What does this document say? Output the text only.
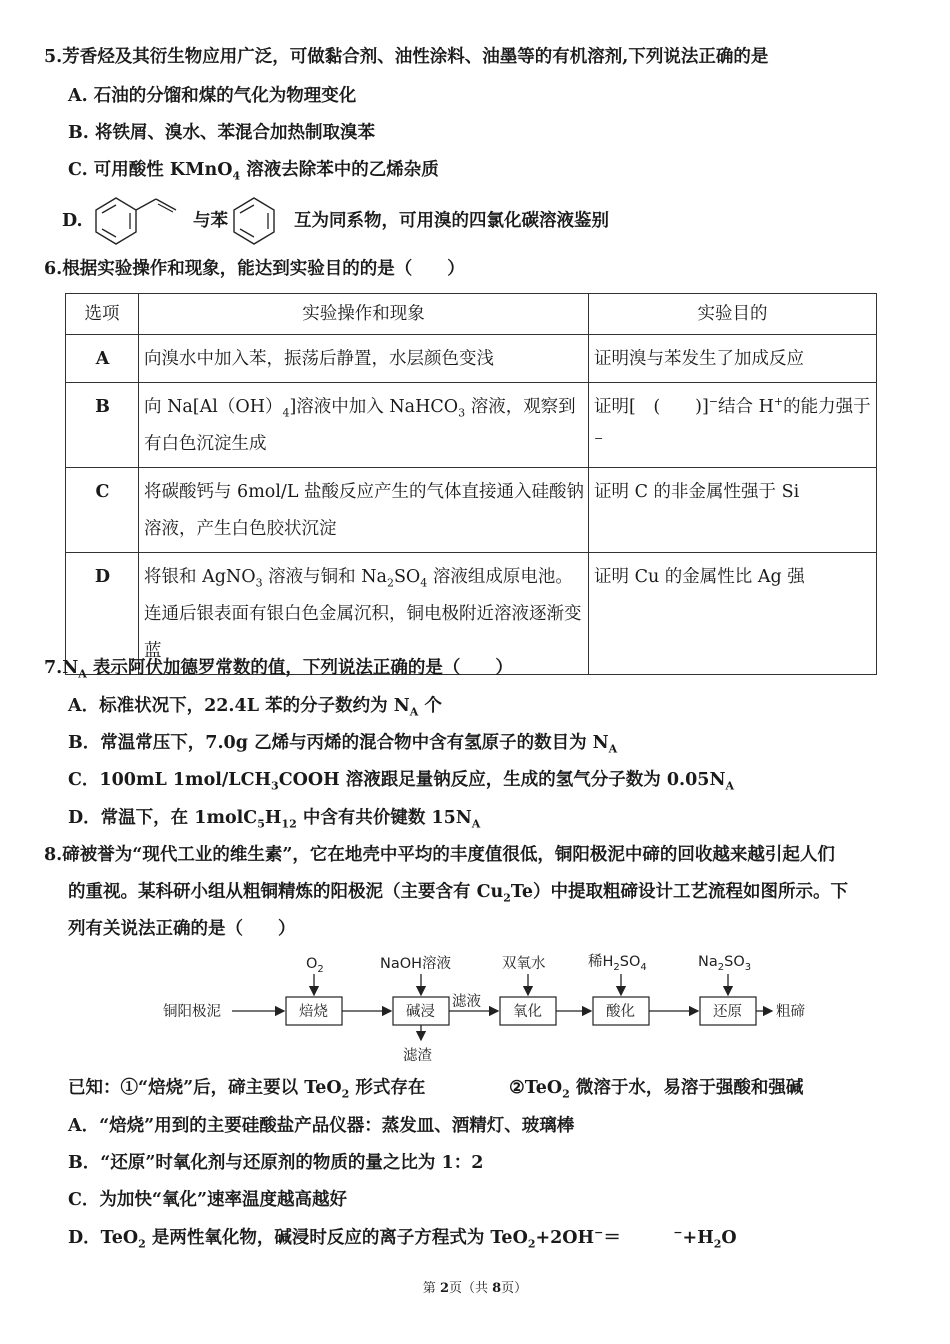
5.芳香烃及其衍生物应用广泛，可做黏合剂、油性涂料、油墨等的有机溶剂,下列说法正确的是
A. 石油的分馏和煤的气化为物理变化
B. 将铁屑、溴水、苯混合加热制取溴苯
C. 可用酸性 KMnO$_4$ 溶液去除苯中的乙烯杂质
D.	与苯	互为同系物，可用溴的四氯化碳溶液鉴别
6.根据实验操作和现象，能达到实验目的的是（　　）
选项	实验操作和现象	实验目的
A	向溴水中加入苯，振荡后静置，水层颜色变浅	证明溴与苯发生了加成反应
B	向 $Na[Al(OH)_4]$溶液中加入 NaHCO$_3$ 溶液，观察到有白色沉淀生成	证明[　(　　)]−结合 H+的能力强于　　−
C	将碳酸钙与 6mol/L 盐酸反应产生的气体直接通入硅酸钠溶液，产生白色胶状沉淀	证明 C 的非金属性强于 Si
D	将银和 AgNO$_3$ 溶液与铜和 $Na_2SO_4$ 溶液组成原电池。连通后银表面有银白色金属沉积，铜电极附近溶液逐渐变蓝	证明 Cu 的金属性比 Ag 强
$7.N_A$ 表示阿伏加德罗常数的值，下列说法正确的是（　　）
A．标准状况下，22.4L 苯的分子数约为 $N_A$ 个
B．常温常压下，7.0g 乙烯与丙烯的混合物中含有氢原子的数目为 $N_A$
C．100mL $1mol/LCH_3COOH$ 溶液跟足量钠反应，生成的氢气分子数为 $0.05N_A$
D．常温下，在 $1molC_5H_{12}$ 中含有共价键数 $15N_A$
8.碲被誉为“现代工业的维生素”，它在地壳中平均的丰度值很低，铜阳极泥中碲的回收越来越引起人们
的重视。某科研小组从粗铜精炼的阳极泥（主要含有 $Cu_2Te$）中提取粗碲设计工艺流程如图所示。下
列有关说法正确的是（　　）
铜阳极泥	焙烧
$O_2$
碱浸
NaOH溶液
滤渣
滤液
氧化
双氧水
酸化
稀$H_2SO_4$
还原
$Na_2SO_3$
粗碲
已知：①“焙烧”后，碲主要以 TeO$_2$ 形式存在	②TeO$_2$ 微溶于水，易溶于强酸和强碱
A．“焙烧”用到的主要硅酸盐产品仪器：蒸发皿、酒精灯、玻璃棒
B．“还原”时氧化剂与还原剂的物质的量之比为 1：2
C．为加快“氧化”速率温度越高越好
D．TeO$_2$ 是两性氧化物，碱浸时反应的离子方程式为 TeO$_2$+2OH−＝　　　$^-+H_2O$
第 2页（共 8页）
